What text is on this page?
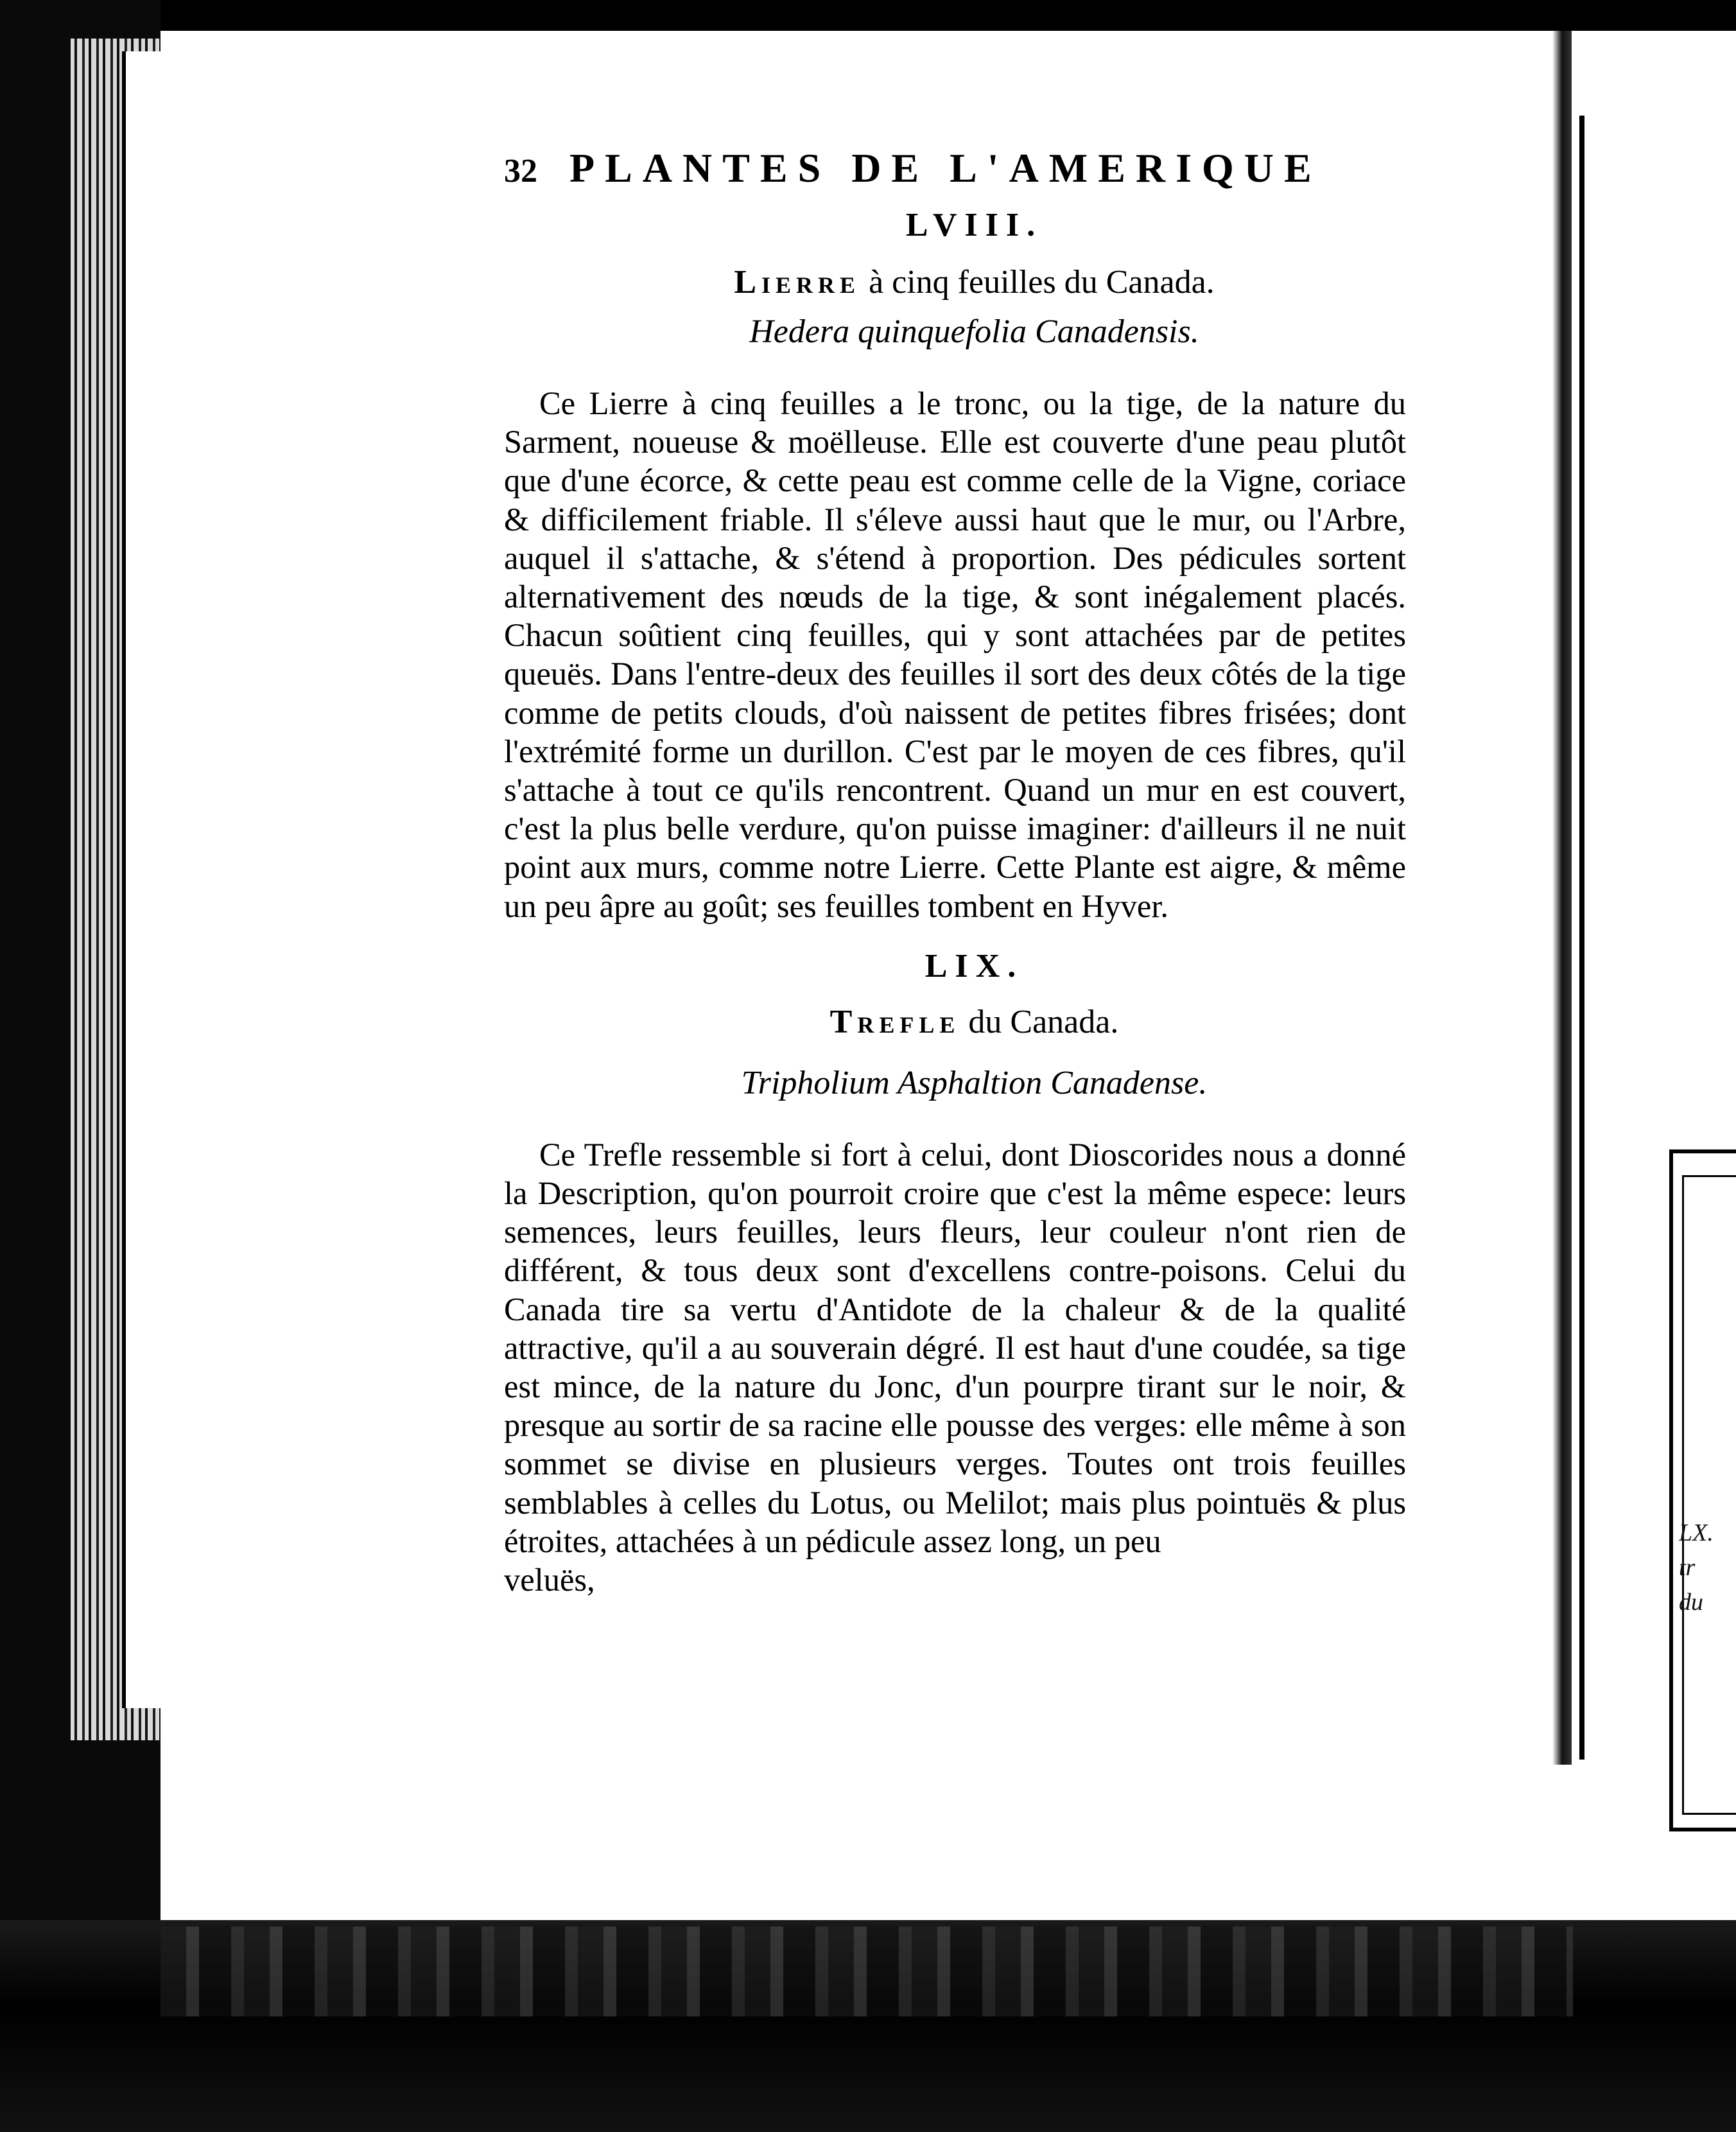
LX.
tr
du
32 PLANTES DE L'AMERIQUE
LVIII.
Lierre à cinq feuilles du Canada.
Hedera quinquefolia Canadensis.

Ce Lierre à cinq feuilles a le tronc, ou la tige, de la nature du Sarment, noueuse & moëlleuse. Elle est couverte d'une peau plutôt que d'une écorce, & cette peau est comme celle de la Vigne, coriace & difficilement friable. Il s'éleve aussi haut que le mur, ou l'Arbre, auquel il s'attache, & s'étend à proportion. Des pédicules sortent alternativement des nœuds de la tige, & sont inégalement placés. Chacun soûtient cinq feuilles, qui y sont attachées par de petites queuës. Dans l'entre-deux des feuilles il sort des deux côtés de la tige comme de petits clouds, d'où naissent de petites fibres frisées; dont l'extrémité forme un durillon. C'est par le moyen de ces fibres, qu'il s'attache à tout ce qu'ils rencontrent. Quand un mur en est couvert, c'est la plus belle verdure, qu'on puisse imaginer: d'ailleurs il ne nuit point aux murs, comme notre Lierre. Cette Plante est aigre, & même un peu âpre au goût; ses feuilles tombent en Hyver.

LIX.
Trefle du Canada.
Tripholium Asphaltion Canadense.

Ce Trefle ressemble si fort à celui, dont Dioscorides nous a donné la Description, qu'on pourroit croire que c'est la même espece: leurs semences, leurs feuilles, leurs fleurs, leur couleur n'ont rien de différent, & tous deux sont d'excellens contre-poisons. Celui du Canada tire sa vertu d'Antidote de la chaleur & de la qualité attractive, qu'il a au souverain dégré. Il est haut d'une coudée, sa tige est mince, de la nature du Jonc, d'un pourpre tirant sur le noir, & presque au sortir de sa racine elle pousse des verges: elle même à son sommet se divise en plusieurs verges. Toutes ont trois feuilles semblables à celles du Lotus, ou Melilot; mais plus pointuës & plus étroites, attachées à un pédicule assez long, un peu

veluës,
